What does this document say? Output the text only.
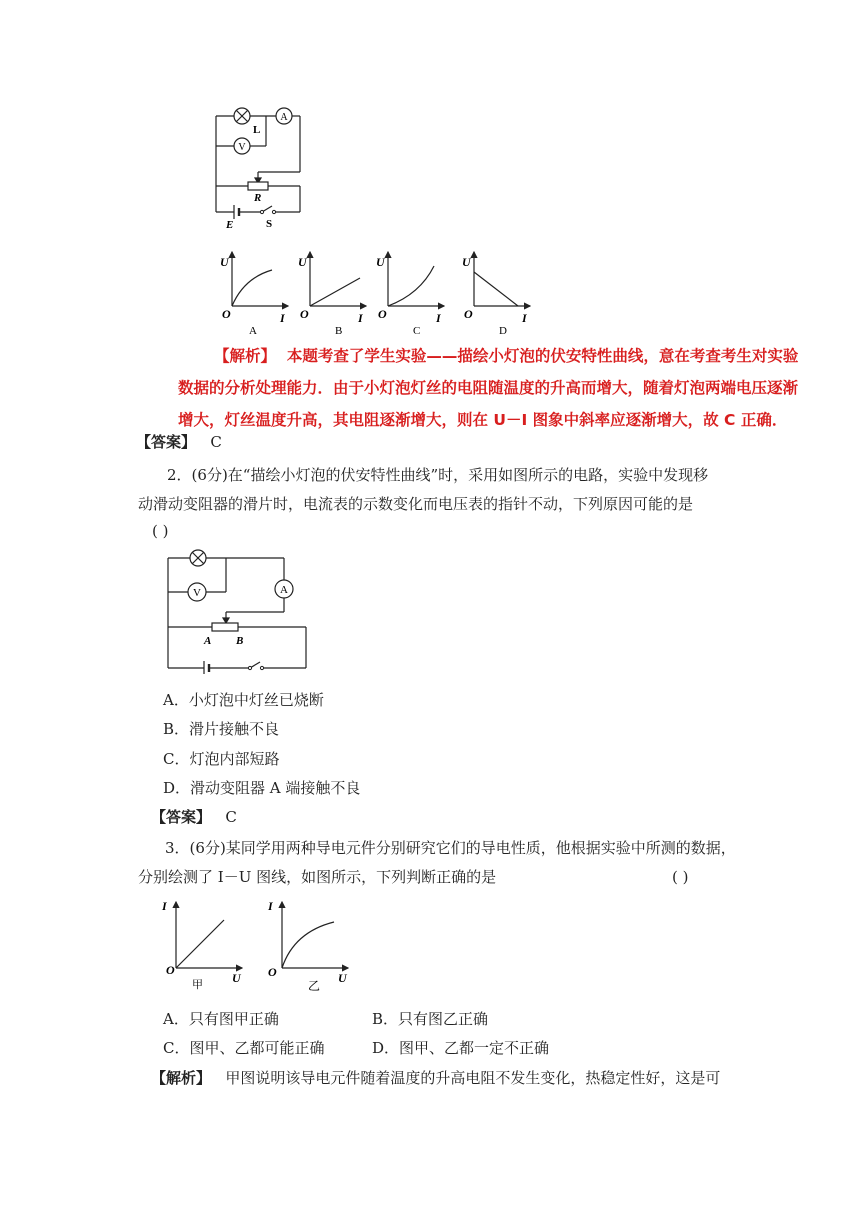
A
V
L
R
E	S
U
O	I
A
U
O	I
B
U
O	I
C
U
O	I
D
【解析】 本题考查了学生实验——描绘小灯泡的伏安特性曲线，意在考查考生对实验
数据的分析处理能力．由于小灯泡灯丝的电阻随温度的升高而增大，随着灯泡两端电压逐渐
增大，灯丝温度升高，其电阻逐渐增大，则在 U－I 图象中斜率应逐渐增大，故 C 正确．
【答案】 C
2．(6分)在“描绘小灯泡的伏安特性曲线”时，采用如图所示的电路，实验中发现移
动滑动变阻器的滑片时，电流表的示数变化而电压表的指针不动，下列原因可能的是
( )
V	A
A B
A．小灯泡中灯丝已烧断
B．滑片接触不良
C．灯泡内部短路
D．滑动变阻器 A 端接触不良
【答案】 C
3．(6分)某同学用两种导电元件分别研究它们的导电性质，他根据实验中所测的数据，
分别绘测了 I－U 图线，如图所示，下列判断正确的是	( )
I
O
U
甲
I
O	U
乙
A．只有图甲正确	B．只有图乙正确
C．图甲、乙都可能正确	D．图甲、乙都一定不正确
【解析】 甲图说明该导电元件随着温度的升高电阻不发生变化，热稳定性好，这是可
